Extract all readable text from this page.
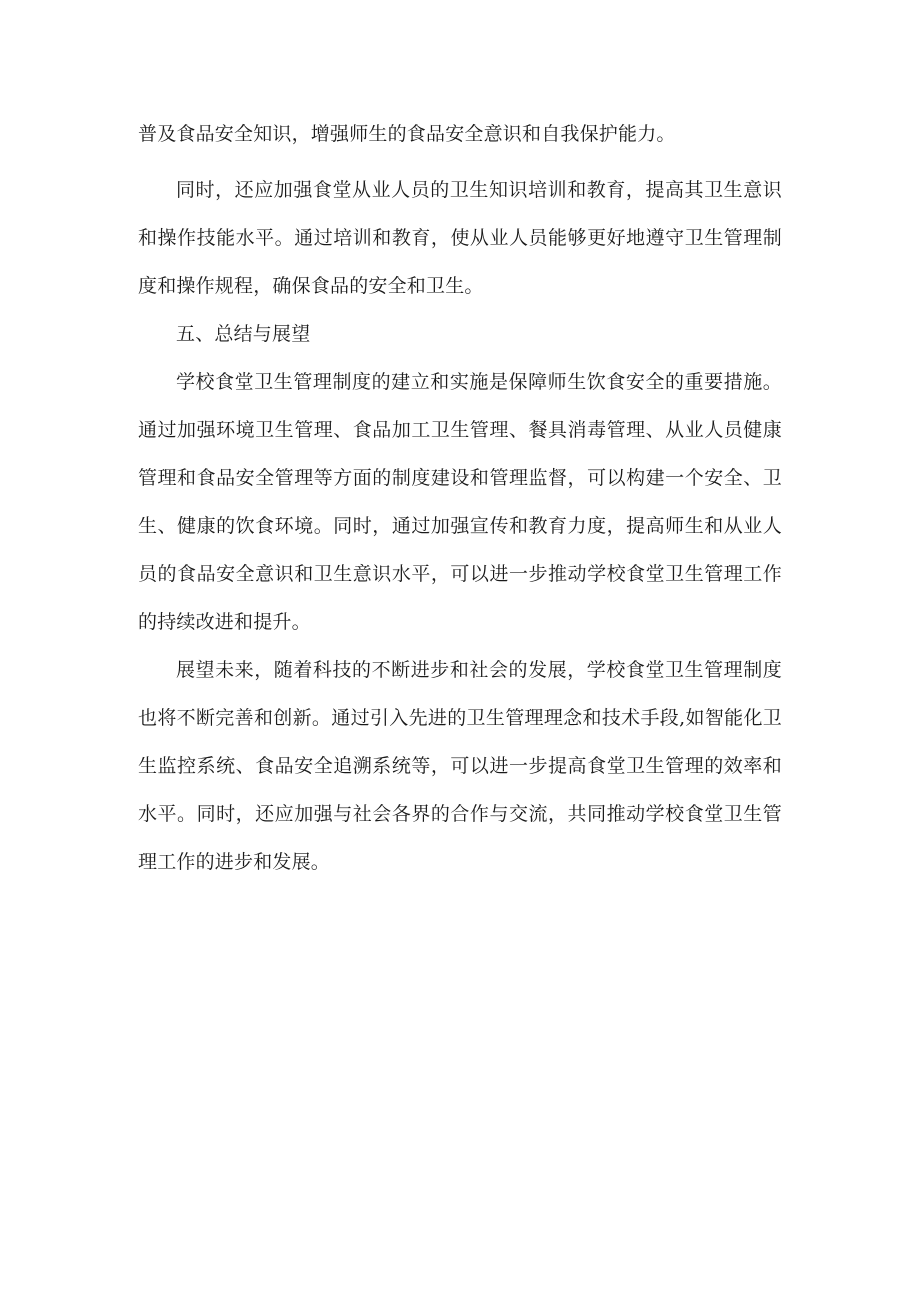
普及食品安全知识，增强师生的食品安全意识和自我保护能力。

同时，还应加强食堂从业人员的卫生知识培训和教育，提高其卫生意识和操作技能水平。通过培训和教育，使从业人员能够更好地遵守卫生管理制度和操作规程，确保食品的安全和卫生。

五、总结与展望

学校食堂卫生管理制度的建立和实施是保障师生饮食安全的重要措施。通过加强环境卫生管理、食品加工卫生管理、餐具消毒管理、从业人员健康管理和食品安全管理等方面的制度建设和管理监督，可以构建一个安全、卫生、健康的饮食环境。同时，通过加强宣传和教育力度，提高师生和从业人员的食品安全意识和卫生意识水平，可以进一步推动学校食堂卫生管理工作的持续改进和提升。

展望未来，随着科技的不断进步和社会的发展，学校食堂卫生管理制度也将不断完善和创新。通过引入先进的卫生管理理念和技术手段,如智能化卫生监控系统、食品安全追溯系统等，可以进一步提高食堂卫生管理的效率和水平。同时，还应加强与社会各界的合作与交流，共同推动学校食堂卫生管理工作的进步和发展。
